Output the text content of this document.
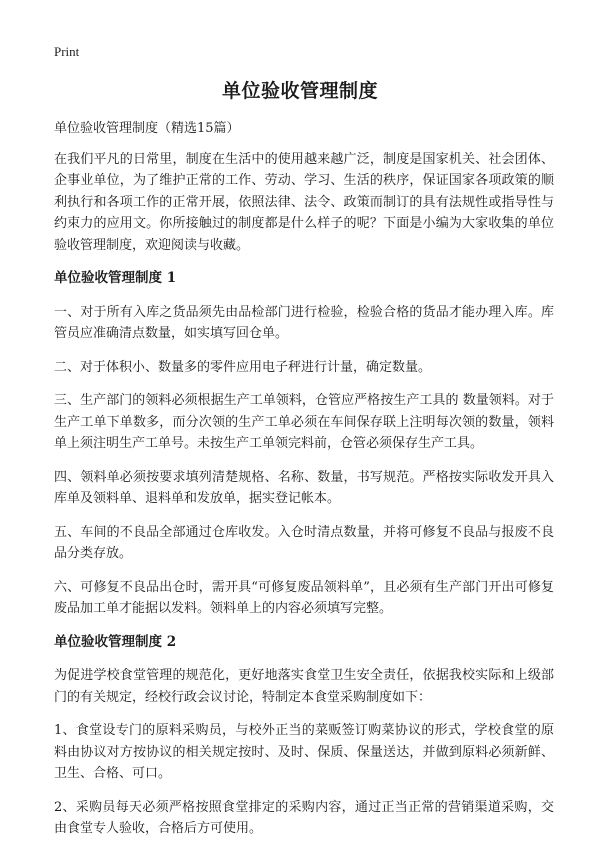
Print
单位验收管理制度

单位验收管理制度（精选15篇）

在我们平凡的日常里，制度在生活中的使用越来越广泛，制度是国家机关、社会团体、企事业单位，为了维护正常的工作、劳动、学习、生活的秩序，保证国家各项政策的顺利执行和各项工作的正常开展，依照法律、法令、政策而制订的具有法规性或指导性与约束力的应用文。你所接触过的制度都是什么样子的呢？下面是小编为大家收集的单位验收管理制度，欢迎阅读与收藏。

单位验收管理制度 1

一、对于所有入库之货品须先由品检部门进行检验，检验合格的货品才能办理入库。库管员应准确清点数量，如实填写回仓单。

二、对于体积小、数量多的零件应用电子秤进行计量，确定数量。

三、生产部门的领料必须根据生产工单领料，仓管应严格按生产工具的 数量领料。对于生产工单下单数多，而分次领的生产工单必须在车间保存联上注明每次领的数量，领料单上须注明生产工单号。未按生产工单领完料前，仓管必须保存生产工具。

四、领料单必须按要求填列清楚规格、名称、数量，书写规范。严格按实际收发开具入库单及领料单、退料单和发放单，据实登记帐本。

五、车间的不良品全部通过仓库收发。入仓时清点数量，并将可修复不良品与报废不良品分类存放。

六、可修复不良品出仓时，需开具“可修复废品领料单”，且必须有生产部门开出可修复废品加工单才能据以发料。领料单上的内容必须填写完整。

单位验收管理制度 2

为促进学校食堂管理的规范化，更好地落实食堂卫生安全责任，依据我校实际和上级部门的有关规定，经校行政会议讨论，特制定本食堂采购制度如下：

1、食堂设专门的原料采购员，与校外正当的菜贩签订购菜协议的形式，学校食堂的原料由协议对方按协议的相关规定按时、及时、保质、保量送达，并做到原料必须新鲜、卫生、合格、可口。

2、采购员每天必须严格按照食堂排定的采购内容，通过正当正常的营销渠道采购，交由食堂专人验收，合格后方可使用。
